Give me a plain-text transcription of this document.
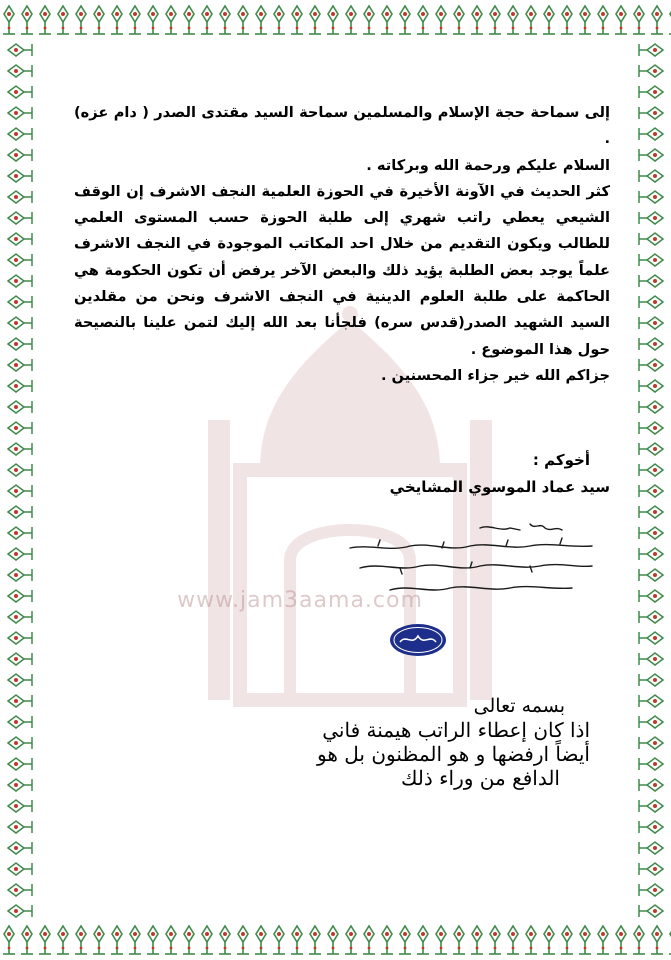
www.jam3aama.com

إلى سماحة حجة الإسلام والمسلمين سماحة السيد مقتدى الصدر ( دام عزه) .

السلام عليكم ورحمة الله وبركاته .

كثر الحديث في الآونة الأخيرة في الحوزة العلمية النجف الاشرف إن الوقف الشيعي يعطي راتب شهري إلى طلبة الحوزة حسب المستوى العلمي للطالب ويكون التقديم من خلال احد المكاتب الموجودة في النجف الاشرف علماً يوجد بعض الطلبة يؤيد ذلك والبعض الآخر يرفض أن تكون الحكومة هي الحاكمة على طلبة العلوم الدينية في النجف الاشرف ونحن من مقلدين السيد الشهيد الصدر(قدس سره) فلجأنا بعد الله إليك لتمن علينا بالنصيحة حول هذا الموضوع .

جزاكم الله خير جزاء المحسنين .

أخوكم :
سيد عماد الموسوي المشايخي
بسمه تعالى
اذا كان إعطاء الراتب هيمنة فاني
أيضاً ارفضها و هو المظنون بل هو
الدافع من وراء ذلك
